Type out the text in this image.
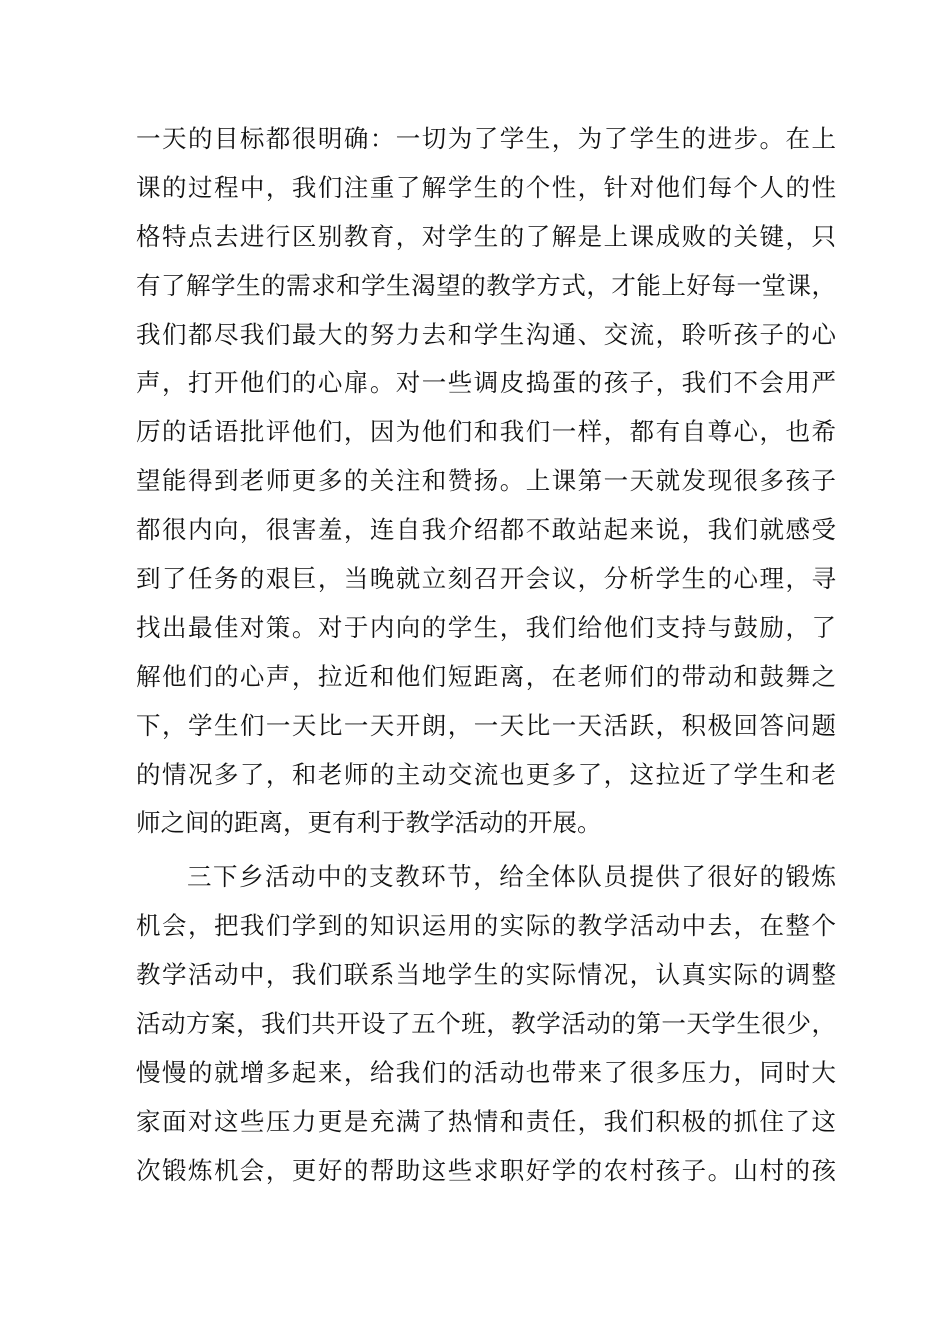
一天的目标都很明确：一切为了学生，为了学生的进步。在上
课的过程中，我们注重了解学生的个性，针对他们每个人的性
格特点去进行区别教育，对学生的了解是上课成败的关键，只
有了解学生的需求和学生渴望的教学方式，才能上好每一堂课，
我们都尽我们最大的努力去和学生沟通、交流，聆听孩子的心
声，打开他们的心扉。对一些调皮捣蛋的孩子，我们不会用严
厉的话语批评他们，因为他们和我们一样，都有自尊心，也希
望能得到老师更多的关注和赞扬。上课第一天就发现很多孩子
都很内向，很害羞，连自我介绍都不敢站起来说，我们就感受
到了任务的艰巨，当晚就立刻召开会议，分析学生的心理，寻
找出最佳对策。对于内向的学生，我们给他们支持与鼓励，了
解他们的心声，拉近和他们短距离，在老师们的带动和鼓舞之
下，学生们一天比一天开朗，一天比一天活跃，积极回答问题
的情况多了，和老师的主动交流也更多了，这拉近了学生和老
师之间的距离，更有利于教学活动的开展。
三下乡活动中的支教环节，给全体队员提供了很好的锻炼
机会，把我们学到的知识运用的实际的教学活动中去，在整个
教学活动中，我们联系当地学生的实际情况，认真实际的调整
活动方案，我们共开设了五个班，教学活动的第一天学生很少，
慢慢的就增多起来，给我们的活动也带来了很多压力，同时大
家面对这些压力更是充满了热情和责任，我们积极的抓住了这
次锻炼机会，更好的帮助这些求职好学的农村孩子。山村的孩
